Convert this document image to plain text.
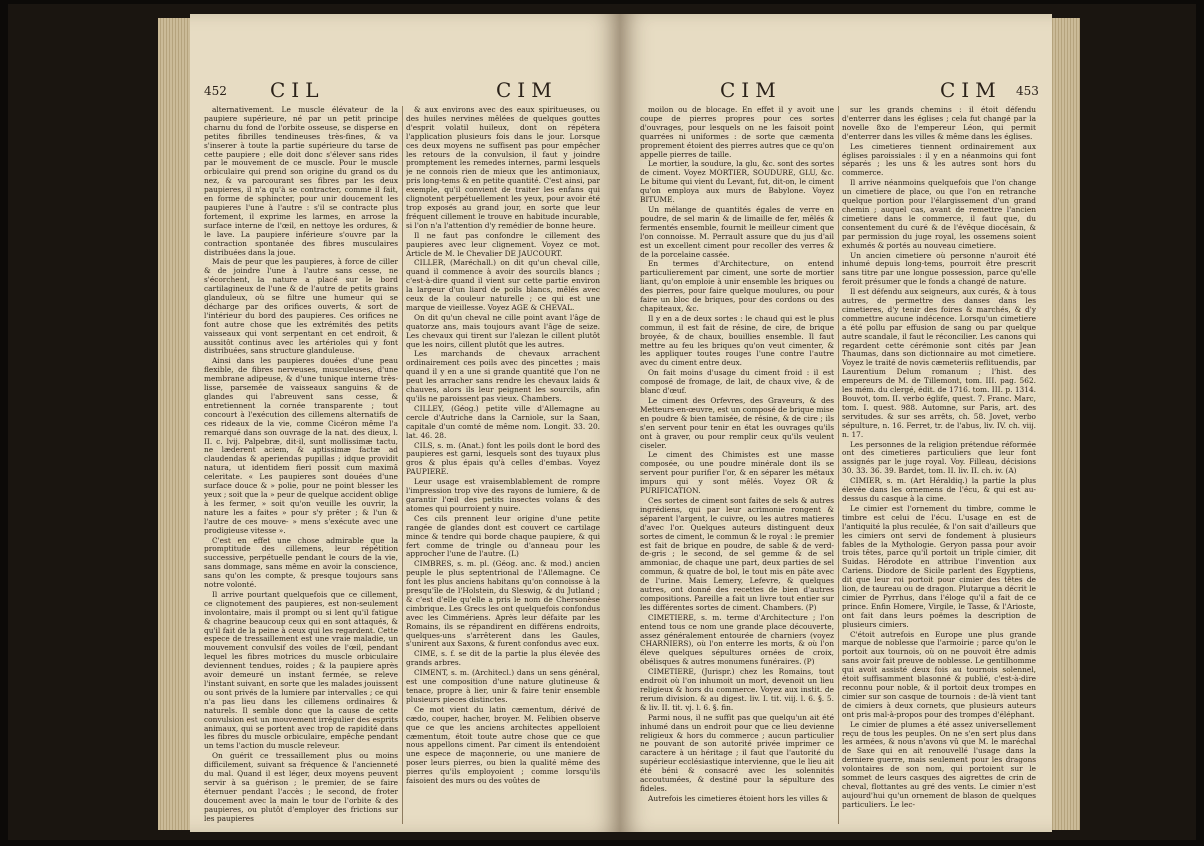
452 CIL	CIM

alternativement. Le muscle élévateur de la paupiere supérieure, né par un petit principe charnu du fond de l'orbite osseuse, se disperse en petites fibrilles tendineuses très-fines, & va s'inserer à toute la partie supérieure du tarse de cette paupiere ; elle doit donc s'élever sans rides par le mouvement de ce muscle. Pour le muscle orbiculaire qui prend son origine du grand os du nez, & va parcourant ses fibres par les deux paupieres, il n'a qu'à se contracter, comme il fait, en forme de sphincter, pour unir doucement les paupieres l'une à l'autre : s'il se contracte plus fortement, il exprime les larmes, en arrose la surface interne de l'œil, en nettoye les ordures, & le lave. La paupiere inférieure s'ouvre par la contraction spontanée des fibres musculaires distribuées dans la joue.

Mais de peur que les paupieres, à force de ciller & de joindre l'une à l'autre sans cesse, ne s'écorchent, la nature a placé sur le bord cartilagineux de l'une & de l'autre de petits grains glanduleux, où se filtre une humeur qui se décharge par des orifices ouverts, & sort de l'intérieur du bord des paupieres. Ces orifices ne font autre chose que les extrémités des petits vaisseaux qui vont serpentant en cet endroit, & aussitôt continus avec les artérioles qui y font distribuées, sans structure glanduleuse.

Ainsi dans les paupieres douées d'une peau flexible, de fibres nerveuses, musculeuses, d'une membrane adipeuse, & d'une tunique interne très-lisse, parsemée de vaisseaux sanguins & de glandes qui l'abreuvent sans cesse, & entretiennent la cornée transparente ; tout concourt à l'exécution des cillemens alternatifs de ces rideaux de la vie, comme Cicéron même l'a remarqué dans son ouvrage de la nat. des dieux, l. II. c. lvij. Palpebræ, dit-il, sunt mollissimæ tactu, ne læderent aciem, & aptissimæ factæ ad claudendas & aperiendas pupillas ; idque providit natura, ut identidem fieri possit cum maximâ celeritate. « Les paupieres sont douées d'une surface douce & » polie, pour ne point blesser les yeux ; soit que la » peur de quelque accident oblige à les fermer, » soit qu'on veuille les ouvrir, la nature les a faites » pour s'y prêter ; & l'un & l'autre de ces mouve- » mens s'exécute avec une prodigieuse vitesse ».

C'est en effet une chose admirable que la promptitude des cillemens, leur répétition successive, perpétuelle pendant le cours de la vie, sans dommage, sans même en avoir la conscience, sans qu'on les compte, & presque toujours sans notre volonté.

Il arrive pourtant quelquefois que ce cillement, ce clignotement des paupieres, est non-seulement involontaire, mais il prompt ou si lent qu'il fatigue & chagrine beaucoup ceux qui en sont attaqués, & qu'il fait de la peine à ceux qui les regardent. Cette espece de tressaillement est une vraie maladie, un mouvement convulsif des voiles de l'œil, pendant lequel les fibres motrices du muscle orbiculaire deviennent tendues, roides ; & la paupiere après avoir demeuré un instant fermée, se releve l'instant suivant, en sorte que les malades jouissent ou sont privés de la lumiere par intervalles ; ce qui n'a pas lieu dans les cillemens ordinaires & naturels. Il semble donc que la cause de cette convulsion est un mouvement irrégulier des esprits animaux, qui se portent avec trop de rapidité dans les fibres du muscle orbiculaire, empêche pendant un tems l'action du muscle releveur.

On guérit ce tressaillement plus ou moins difficilement, suivant sa fréquence & l'ancienneté du mal. Quand il est léger, deux moyens peuvent servir à sa guérison ; le premier, de se faire éternuer pendant l'accès ; le second, de froter doucement avec la main le tour de l'orbite & des paupieres, ou plutôt d'employer des frictions sur les paupieres

& aux environs avec des eaux spiritueuses, ou des huiles nervines mêlées de quelques gouttes d'esprit volatil huileux, dont on répétera l'application plusieurs fois dans le jour. Lorsque ces deux moyens ne suffisent pas pour empêcher les retours de la convulsion, il faut y joindre promptement les remedes internes, parmi lesquels je ne connois rien de mieux que les antimoniaux, pris long-tems & en petite quantité. C'est ainsi, par exemple, qu'il convient de traiter les enfans qui clignotent perpétuellement les yeux, pour avoir été trop exposés au grand jour, en sorte que leur fréquent cillement le trouve en habitude incurable, si l'on n'a l'attention d'y remédier de bonne heure.

Il ne faut pas confondre le cillement des paupieres avec leur clignement. Voyez ce mot. Article de M. le Chevalier DE JAUCOURT.

CILLER, (Maréchall.) on dit qu'un cheval cille, quand il commence à avoir des sourcils blancs ; c'est-à-dire quand il vient sur cette partie environ la largeur d'un liard de poils blancs, mêlés avec ceux de la couleur naturelle ; ce qui est une marque de vieillesse. Voyez AGE & CHEVAL.

On dit qu'un cheval ne cille point avant l'âge de quatorze ans, mais toujours avant l'âge de seize. Les chevaux qui tirent sur l'alezan le cillent plutôt que les noirs, cillent plutôt que les autres.

Les marchands de chevaux arrachent ordinairement ces poils avec des pincettes ; mais quand il y en a une si grande quantité que l'on ne peut les arracher sans rendre les chevaux laids & chauves, alors ils leur peignent les sourcils, afin qu'ils ne paroissent pas vieux. Chambers.

CILLEY, (Géog.) petite ville d'Allemagne au cercle d'Autriche dans la Carniole, sur la Saan, capitale d'un comté de même nom. Longit. 33. 20. lat. 46. 28.

CILS, s. m. (Anat.) font les poils dont le bord des paupieres est garni, lesquels sont des tuyaux plus gros & plus épais qu'à celles d'embas. Voyez PAUPIERE.

Leur usage est vraisemblablement de rompre l'impression trop vive des rayons de lumiere, & de garantir l'œil des petits insectes volans & des atomes qui pourroient y nuire.

Ces cils prennent leur origine d'une petite rangée de glandes dont est couvert ce cartilage mince & tendre qui borde chaque paupiere, & qui fert comme de tringle ou d'anneau pour les approcher l'une de l'autre. (L)

CIMBRES, s. m. pl. (Géog. anc. & mod.) ancien peuple le plus septentrional de l'Allemagne. Ce font les plus anciens habitans qu'on connoisse à la presqu'île de l'Holstein, du Sleswig, & du Jutland ; & c'est d'elle qu'elle a pris le nom de Chersonèse cimbrique. Les Grecs les ont quelquefois confondus avec les Cimmériens. Après leur défaite par les Romains, ils se répandirent en différens endroits, quelques-uns s'arrêterent dans les Gaules, s'unirent aux Saxons, & furent confondus avec eux.

CIME, s. f. se dit de la partie la plus élevée des grands arbres.

CIMENT, s. m. (Architecl.) dans un sens général, est une composition d'une nature glutineuse & tenace, propre à lier, unir & faire tenir ensemble plusieurs pieces distinctes.

Ce mot vient du latin cæmentum, dérivé de cædo, couper, hacher, broyer. M. Felibien observe que ce que les anciens architectes appelloient cæmentum, étoit toute autre chose que ce que nous appellons ciment. Par ciment ils entendoient une espece de maçonnerie, ou une maniere de poser leurs pierres, ou bien la qualité même des pierres qu'ils employoient ; comme lorsqu'ils faisoient des murs ou des voûtes de

CIM	CIM 453

moilon ou de blocage. En effet il y avoit une coupe de pierres propres pour ces sortes d'ouvrages, pour lesquels on ne les faisoit point quarrées ni uniformes : de sorte que cæmenta proprement étoient des pierres autres que ce qu'on appelle pierres de taille.

Le mortier, la soudure, la glu, &c. sont des sortes de ciment. Voyez MORTIER, SOUDURE, GLU, &c. Le bitume qui vient du Levant, fut, dit-on, le ciment qu'on employa aux murs de Babylone. Voyez BITUME.

Un mélange de quantités égales de verre en poudre, de sel marin & de limaille de fer, mêlés & fermentés ensemble, fournit le meilleur ciment que l'on connoisse. M. Perrault assure que du jus d'ail est un excellent ciment pour recoller des verres & de la porcelaine cassée.

En termes d'Architecture, on entend particulierement par ciment, une sorte de mortier liant, qu'on emploie à unir ensemble les briques ou des pierres, pour faire quelque moulures, ou pour faire un bloc de briques, pour des cordons ou des chapiteaux, &c.

Il y en a de deux sortes : le chaud qui est le plus commun, il est fait de résine, de cire, de brique broyée, & de chaux, bouillies ensemble. Il faut mettre au feu les briques qu'on veut cimenter, & les appliquer toutes rouges l'une contre l'autre avec du ciment entre deux.

On fait moins d'usage du ciment froid : il est composé de fromage, de lait, de chaux vive, & de blanc d'œuf.

Le ciment des Orfevres, des Graveurs, & des Metteurs-en-œuvre, est un composé de brique mise en poudre & bien tamisée, de résine, & de cire ; ils s'en servent pour tenir en état les ouvrages qu'ils ont à graver, ou pour remplir ceux qu'ils veulent ciseler.

Le ciment des Chimistes est une masse composée, ou une poudre minérale dont ils se servent pour purifier l'or, & en séparer les métaux impurs qui y sont mêlés. Voyez OR & PURIFICATION.

Ces sortes de ciment sont faites de sels & autres ingrédiens, qui par leur acrimonie rongent & séparent l'argent, le cuivre, ou les autres matieres d'avec l'or. Quelques auteurs distinguent deux sortes de ciment, le commun & le royal : le premier est fait de brique en poudre, de sable & de verd-de-gris ; le second, de sel gemme & de sel ammoniac, de chaque une part, deux parties de sel commun, & quatre de bol, le tout mis en pâte avec de l'urine. Mais Lemery, Lefevre, & quelques autres, ont donné des recettes de bien d'autres compositions. Pareille a fait un livre tout entier sur les différentes sortes de ciment. Chambers. (P)

CIMETIERE, s. m. terme d'Architecture ; l'on entend tous ce nom une grande place découverte, assez généralement entourée de charniers (voyez CHARNIERS), où l'on enterre les morts, & où l'on éleve quelques sépultures ornées de croix, obélisques & autres monumens funéraires. (P)

CIMETIERE, (Jurispr.) chez les Romains, tout endroit où l'on inhumoit un mort, devenoit un lieu religieux & hors du commerce. Voyez aux instit. de rerum division. & au digest. liv. I. tit. viij. l. 6. §. 5. & liv. II. tit. vj. l. 6. §. fin.

Parmi nous, il ne suffit pas que quelqu'un ait été inhumé dans un endroit pour que ce lieu devienne religieux & hors du commerce ; aucun particulier ne pouvant de son autorité privée imprimer ce caractere à un héritage ; il faut que l'autorité du supérieur ecclésiastique intervienne, que le lieu ait été béni & consacré avec les solennités accoutumées, & destiné pour la sépulture des fideles.

Autrefois les cimetieres étoient hors les villes &

sur les grands chemins : il étoit défendu d'enterrer dans les églises ; cela fut changé par la novelle 8xo de l'empereur Léon, qui permit d'enterrer dans les villes & même dans les églises.

Les cimetieres tiennent ordinairement aux églises paroissiales : il y en a néanmoins qui font séparés ; les uns & les autres sont hors du commerce.

Il arrive néanmoins quelquefois que l'on change un cimetiere de place, ou que l'on en retranche quelque portion pour l'élargissement d'un grand chemin ; auquel cas, avant de remettre l'ancien cimetiere dans le commerce, il faut que, du consentement du curé & de l'évêque diocésain, & par permission du juge royal, les ossemens soient exhumés & portés au nouveau cimetiere.

Un ancien cimetiere où personne n'auroit été inhumé depuis long-tems, pourroit être prescrit sans titre par une longue possession, parce qu'elle feroit présumer que le fonds a changé de nature.

Il est défendu aux seigneurs, aux curés, & à tous autres, de permettre des danses dans les cimetieres, d'y tenir des foires & marchés, & d'y commettre aucune indécence. Lorsqu'un cimetiere a été pollu par effusion de sang ou par quelque autre scandale, il faut le réconcilier. Les canons qui regardent cette cérémonie sont cités par Jean Thaumas, dans son dictionnaire au mot cimetiere. Voyez le traité de novis cæmeteriis reflituendis, par Laurentium Delum romanum ; l'hist. des empereurs de M. de Tillemont, tom. III. pag. 562. les mém. du clergé, édit. de 1716. tom. III. p. 1314. Bouvot, tom. II. verbo églife, quest. 7. Franc. Marc, tom. I. quest. 988. Automne, sur Paris, art. des servitudes. & sur ses arrêts, ch. 58. Jovet, verbo sépulture, n. 16. Ferret, tr. de l'abus, liv. IV. ch. viij. n. 17.

Les personnes de la religion prétendue réformée ont des cimetieres particuliers que leur font assignés par le juge royal. Voy. Filleau, décisions 30. 33. 36. 39. Bardet, tom. II. liv. II. ch. iv. (A)

CIMIER, s. m. (Art Héraldiq.) la partie la plus élevée dans les ornemens de l'écu, & qui est au-dessus du casque à la cime.

Le cimier est l'ornement du timbre, comme le timbre est celui de l'écu. L'usage en est de l'antiquité la plus reculée, & l'on sait d'ailleurs que les cimiers ont servi de fondement à plusieurs fables de la Mythologie. Geryon passa pour avoir trois têtes, parce qu'il portoit un triple cimier, dit Suidas. Hérodote en attribue l'invention aux Cariens. Diodore de Sicile parlent des Egyptiens, dit que leur roi portoit pour cimier des têtes de lion, de taureau ou de dragon. Plutarque a décrit le cimier de Pyrrhus, dans l'éloge qu'il a fait de ce prince. Enfin Homere, Virgile, le Tasse, & l'Arioste, ont fait dans leurs poëmes la description de plusieurs cimiers.

C'étoit autrefois en Europe une plus grande marque de noblesse que l'armoirie ; parce qu'on le portoit aux tournois, où on ne pouvoit être admis sans avoir fait preuve de noblesse. Le gentilhomme qui avoit assisté deux fois au tournois solennel, étoit suffisamment blasonné & publié, c'est-à-dire reconnu pour noble, & il portoit deux trompes en cimier sur son casque de tournois : de-là vient tant de cimiers à deux cornets, que plusieurs auteurs ont pris mal-à-propos pour des trompes d'éléphant.

Le cimier de plumes a été assez universellement reçu de tous les peuples. On ne s'en sert plus dans les armées, & nous n'avons vû que M. le maréchal de Saxe qui en ait renouvellé l'usage dans la derniere guerre, mais seulement pour les dragons volontaires de son nom, qui portoient sur le sommet de leurs casques des aigrettes de crin de cheval, flottantes au gré des vents. Le cimier n'est aujourd'hui qu'un ornement de blason de quelques particuliers. Le lec-
